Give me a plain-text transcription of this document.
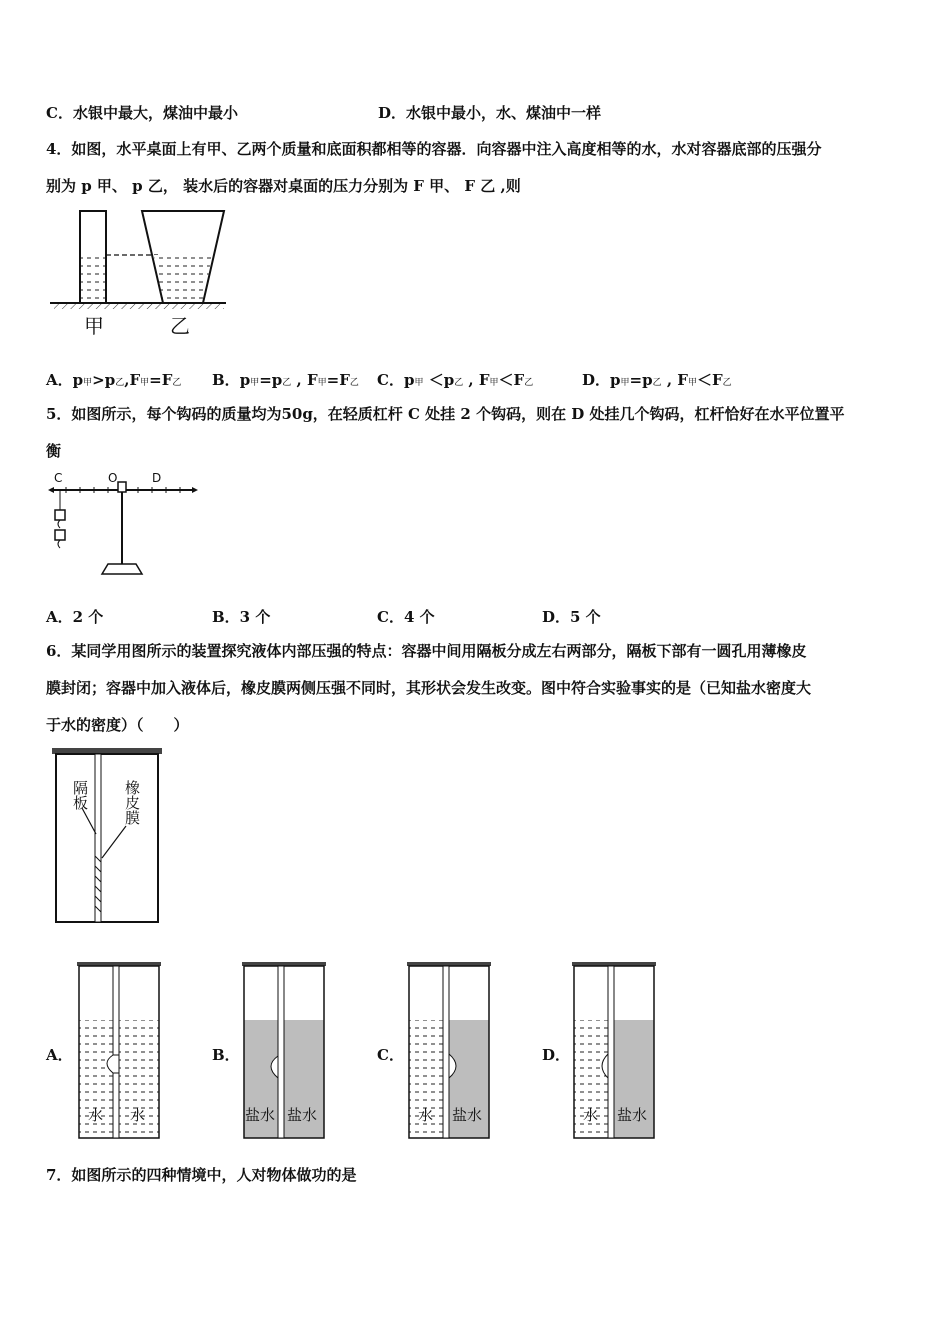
C．水银中最大，煤油中最小	D．水银中最小，水、煤油中一样
4．如图，水平桌面上有甲、乙两个质量和底面积都相等的容器．向容器中注入高度相等的水，水对容器底部的压强分
别为 p 甲、 p 乙， 装水后的容器对桌面的压力分别为 F 甲、 F 乙 ,则
甲	乙
A．p甲>p乙,F甲=F乙 B．p甲=p乙 , F甲=F乙 C．p甲 ＜p乙 , F甲＜F乙	D．p甲=p乙 , F甲＜F乙
5．如图所示，每个钩码的质量均为50g，在轻质杠杆 C 处挂 2 个钩码，则在 D 处挂几个钩码，杠杆恰好在水平位置平
衡
C	O	D
A．2 个	B．3 个	C．4 个	D．5 个
6．某同学用图所示的装置探究液体内部压强的特点：容器中间用隔板分成左右两部分，隔板下部有一圆孔用薄橡皮
膜封闭；容器中加入液体后，橡皮膜两侧压强不同时，其形状会发生改变。图中符合实验事实的是（已知盐水密度大
于水的密度）（　　）
隔板 橡皮膜
A．	B．	C．	D．
水 水	盐水 盐水	水 盐水	水 盐水
7．如图所示的四种情境中，人对物体做功的是
